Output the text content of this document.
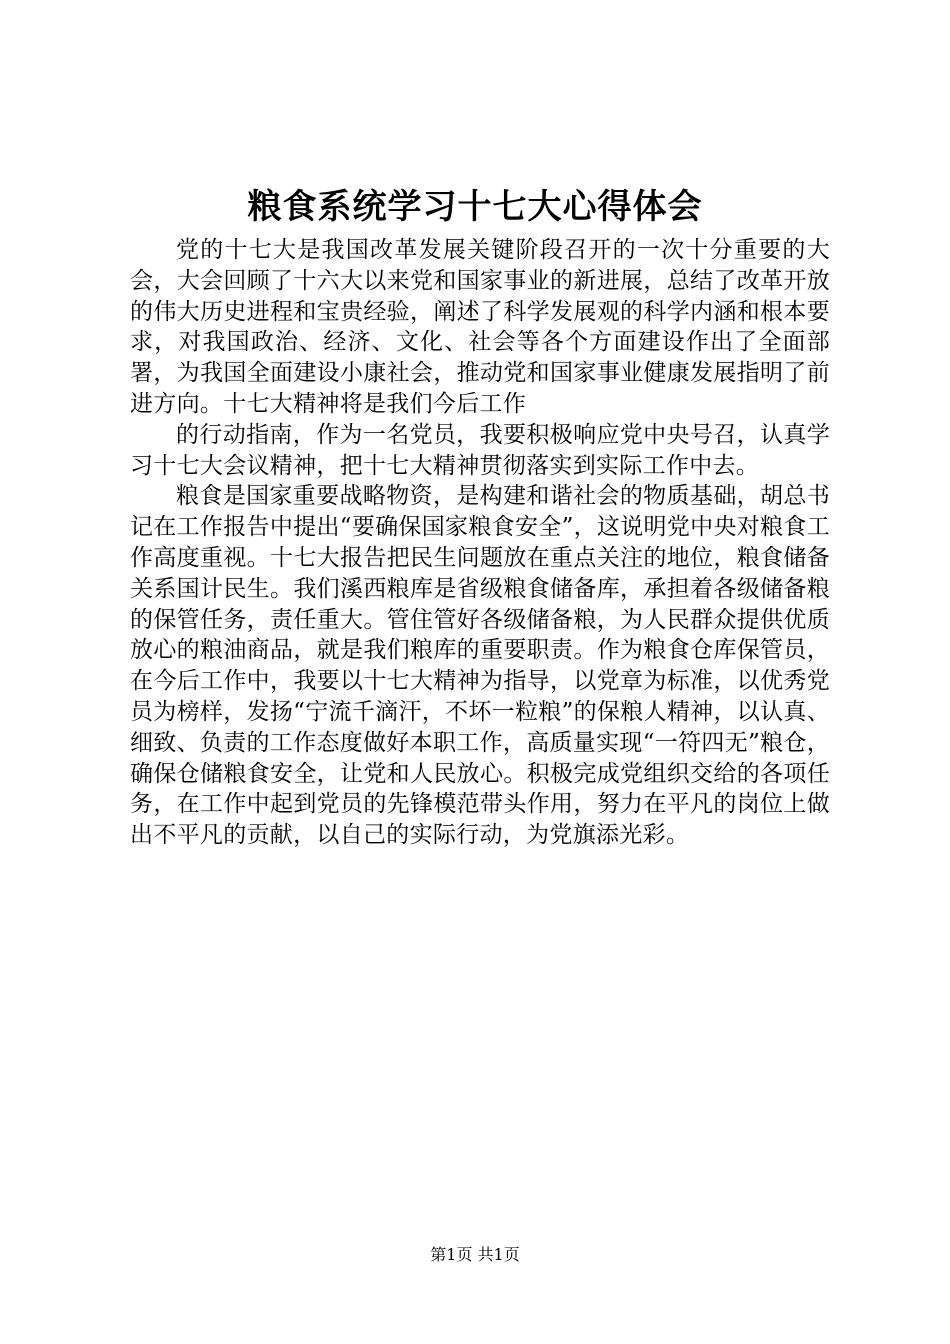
粮食系统学习十七大心得体会

党的十七大是我国改革发展关键阶段召开的一次十分重要的大会，大会回顾了十六大以来党和国家事业的新进展，总结了改革开放的伟大历史进程和宝贵经验，阐述了科学发展观的科学内涵和根本要求，对我国政治、经济、文化、社会等各个方面建设作出了全面部署，为我国全面建设小康社会，推动党和国家事业健康发展指明了前进方向。十七大精神将是我们今后工作

的行动指南，作为一名党员，我要积极响应党中央号召，认真学习十七大会议精神，把十七大精神贯彻落实到实际工作中去。

粮食是国家重要战略物资，是构建和谐社会的物质基础，胡总书记在工作报告中提出“要确保国家粮食安全”，这说明党中央对粮食工作高度重视。十七大报告把民生问题放在重点关注的地位，粮食储备关系国计民生。我们溪西粮库是省级粮食储备库，承担着各级储备粮的保管任务，责任重大。管住管好各级储备粮，为人民群众提供优质放心的粮油商品，就是我们粮库的重要职责。作为粮食仓库保管员，在今后工作中，我要以十七大精神为指导，以党章为标准，以优秀党员为榜样，发扬“宁流千滴汗，不坏一粒粮”的保粮人精神，以认真、细致、负责的工作态度做好本职工作，高质量实现“一符四无”粮仓，确保仓储粮食安全，让党和人民放心。积极完成党组织交给的各项任务，在工作中起到党员的先锋模范带头作用，努力在平凡的岗位上做出不平凡的贡献，以自己的实际行动，为党旗添光彩。

第1页 共1页
